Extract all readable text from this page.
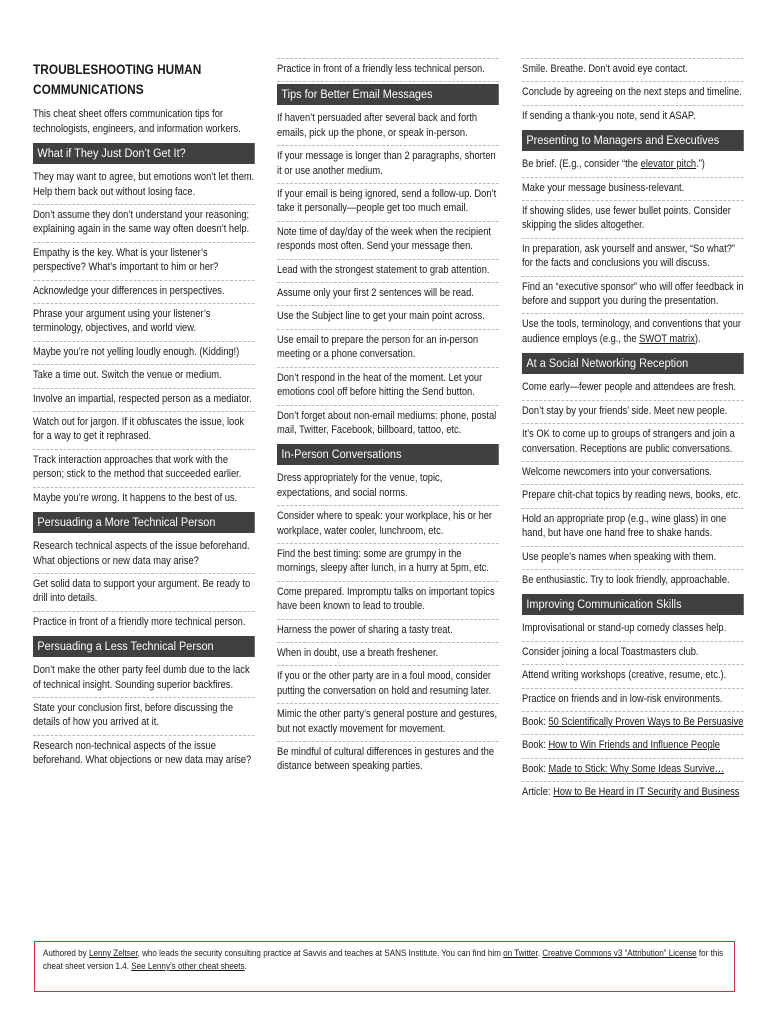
TROUBLESHOOTING HUMAN COMMUNICATIONS
This cheat sheet offers communication tips for technologists, engineers, and information workers.
What if They Just Don’t Get It?
They may want to agree, but emotions won’t let them. Help them back out without losing face.
Don’t assume they don’t understand your reasoning; explaining again in the same way often doesn’t help.
Empathy is the key. What is your listener’s perspective? What’s important to him or her?
Acknowledge your differences in perspectives.
Phrase your argument using your listener’s terminology, objectives, and world view.
Maybe you’re not yelling loudly enough. (Kidding!)
Take a time out. Switch the venue or medium.
Involve an impartial, respected person as a mediator.
Watch out for jargon. If it obfuscates the issue, look for a way to get it rephrased.
Track interaction approaches that work with the person; stick to the method that succeeded earlier.
Maybe you’re wrong. It happens to the best of us.
Persuading a More Technical Person
Research technical aspects of the issue beforehand. What objections or new data may arise?
Get solid data to support your argument. Be ready to drill into details.
Practice in front of a friendly more technical person.
Persuading a Less Technical Person
Don’t make the other party feel dumb due to the lack of technical insight. Sounding superior backfires.
State your conclusion first, before discussing the details of how you arrived at it.
Research non-technical aspects of the issue beforehand. What objections or new data may arise?
Practice in front of a friendly less technical person.
Tips for Better Email Messages
If haven’t persuaded after several back and forth emails, pick up the phone, or speak in-person.
If your message is longer than 2 paragraphs, shorten it or use another medium.
If your email is being ignored, send a follow-up. Don’t take it personally—people get too much email.
Note time of day/day of the week when the recipient responds most often. Send your message then.
Lead with the strongest statement to grab attention.
Assume only your first 2 sentences will be read.
Use the Subject line to get your main point across.
Use email to prepare the person for an in-person meeting or a phone conversation.
Don’t respond in the heat of the moment. Let your emotions cool off before hitting the Send button.
Don’t forget about non-email mediums: phone, postal mail, Twitter, Facebook, billboard, tattoo, etc.
In-Person Conversations
Dress appropriately for the venue, topic, expectations, and social norms.
Consider where to speak: your workplace, his or her workplace, water cooler, lunchroom, etc.
Find the best timing: some are grumpy in the mornings, sleepy after lunch, in a hurry at 5pm, etc.
Come prepared. Impromptu talks on important topics have been known to lead to trouble.
Harness the power of sharing a tasty treat.
When in doubt, use a breath freshener.
If you or the other party are in a foul mood, consider putting the conversation on hold and resuming later.
Mimic the other party’s general posture and gestures, but not exactly movement for movement.
Be mindful of cultural differences in gestures and the distance between speaking parties.
Smile. Breathe. Don’t avoid eye contact.
Conclude by agreeing on the next steps and timeline.
If sending a thank-you note, send it ASAP.
Presenting to Managers and Executives
Be brief. (E.g., consider “the elevator pitch.”)
Make your message business-relevant.
If showing slides, use fewer bullet points. Consider skipping the slides altogether.
In preparation, ask yourself and answer, “So what?” for the facts and conclusions you will discuss.
Find an “executive sponsor” who will offer feedback in before and support you during the presentation.
Use the tools, terminology, and conventions that your audience employs (e.g., the SWOT matrix).
At a Social Networking Reception
Come early—fewer people and attendees are fresh.
Don’t stay by your friends’ side. Meet new people.
It’s OK to come up to groups of strangers and join a conversation. Receptions are public conversations.
Welcome newcomers into your conversations.
Prepare chit-chat topics by reading news, books, etc.
Hold an appropriate prop (e.g., wine glass) in one hand, but have one hand free to shake hands.
Use people’s names when speaking with them.
Be enthusiastic. Try to look friendly, approachable.
Improving Communication Skills
Improvisational or stand-up comedy classes help.
Consider joining a local Toastmasters club.
Attend writing workshops (creative, resume, etc.).
Practice on friends and in low-risk environments.
Book: 50 Scientifically Proven Ways to Be Persuasive
Book: How to Win Friends and Influence People
Book: Made to Stick: Why Some Ideas Survive…
Article: How to Be Heard in IT Security and Business
Authored by Lenny Zeltser, who leads the security consulting practice at Savvis and teaches at SANS Institute. You can find him on Twitter. Creative Commons v3 “Attribution” License for this cheat sheet version 1.4. See Lenny’s other cheat sheets.
